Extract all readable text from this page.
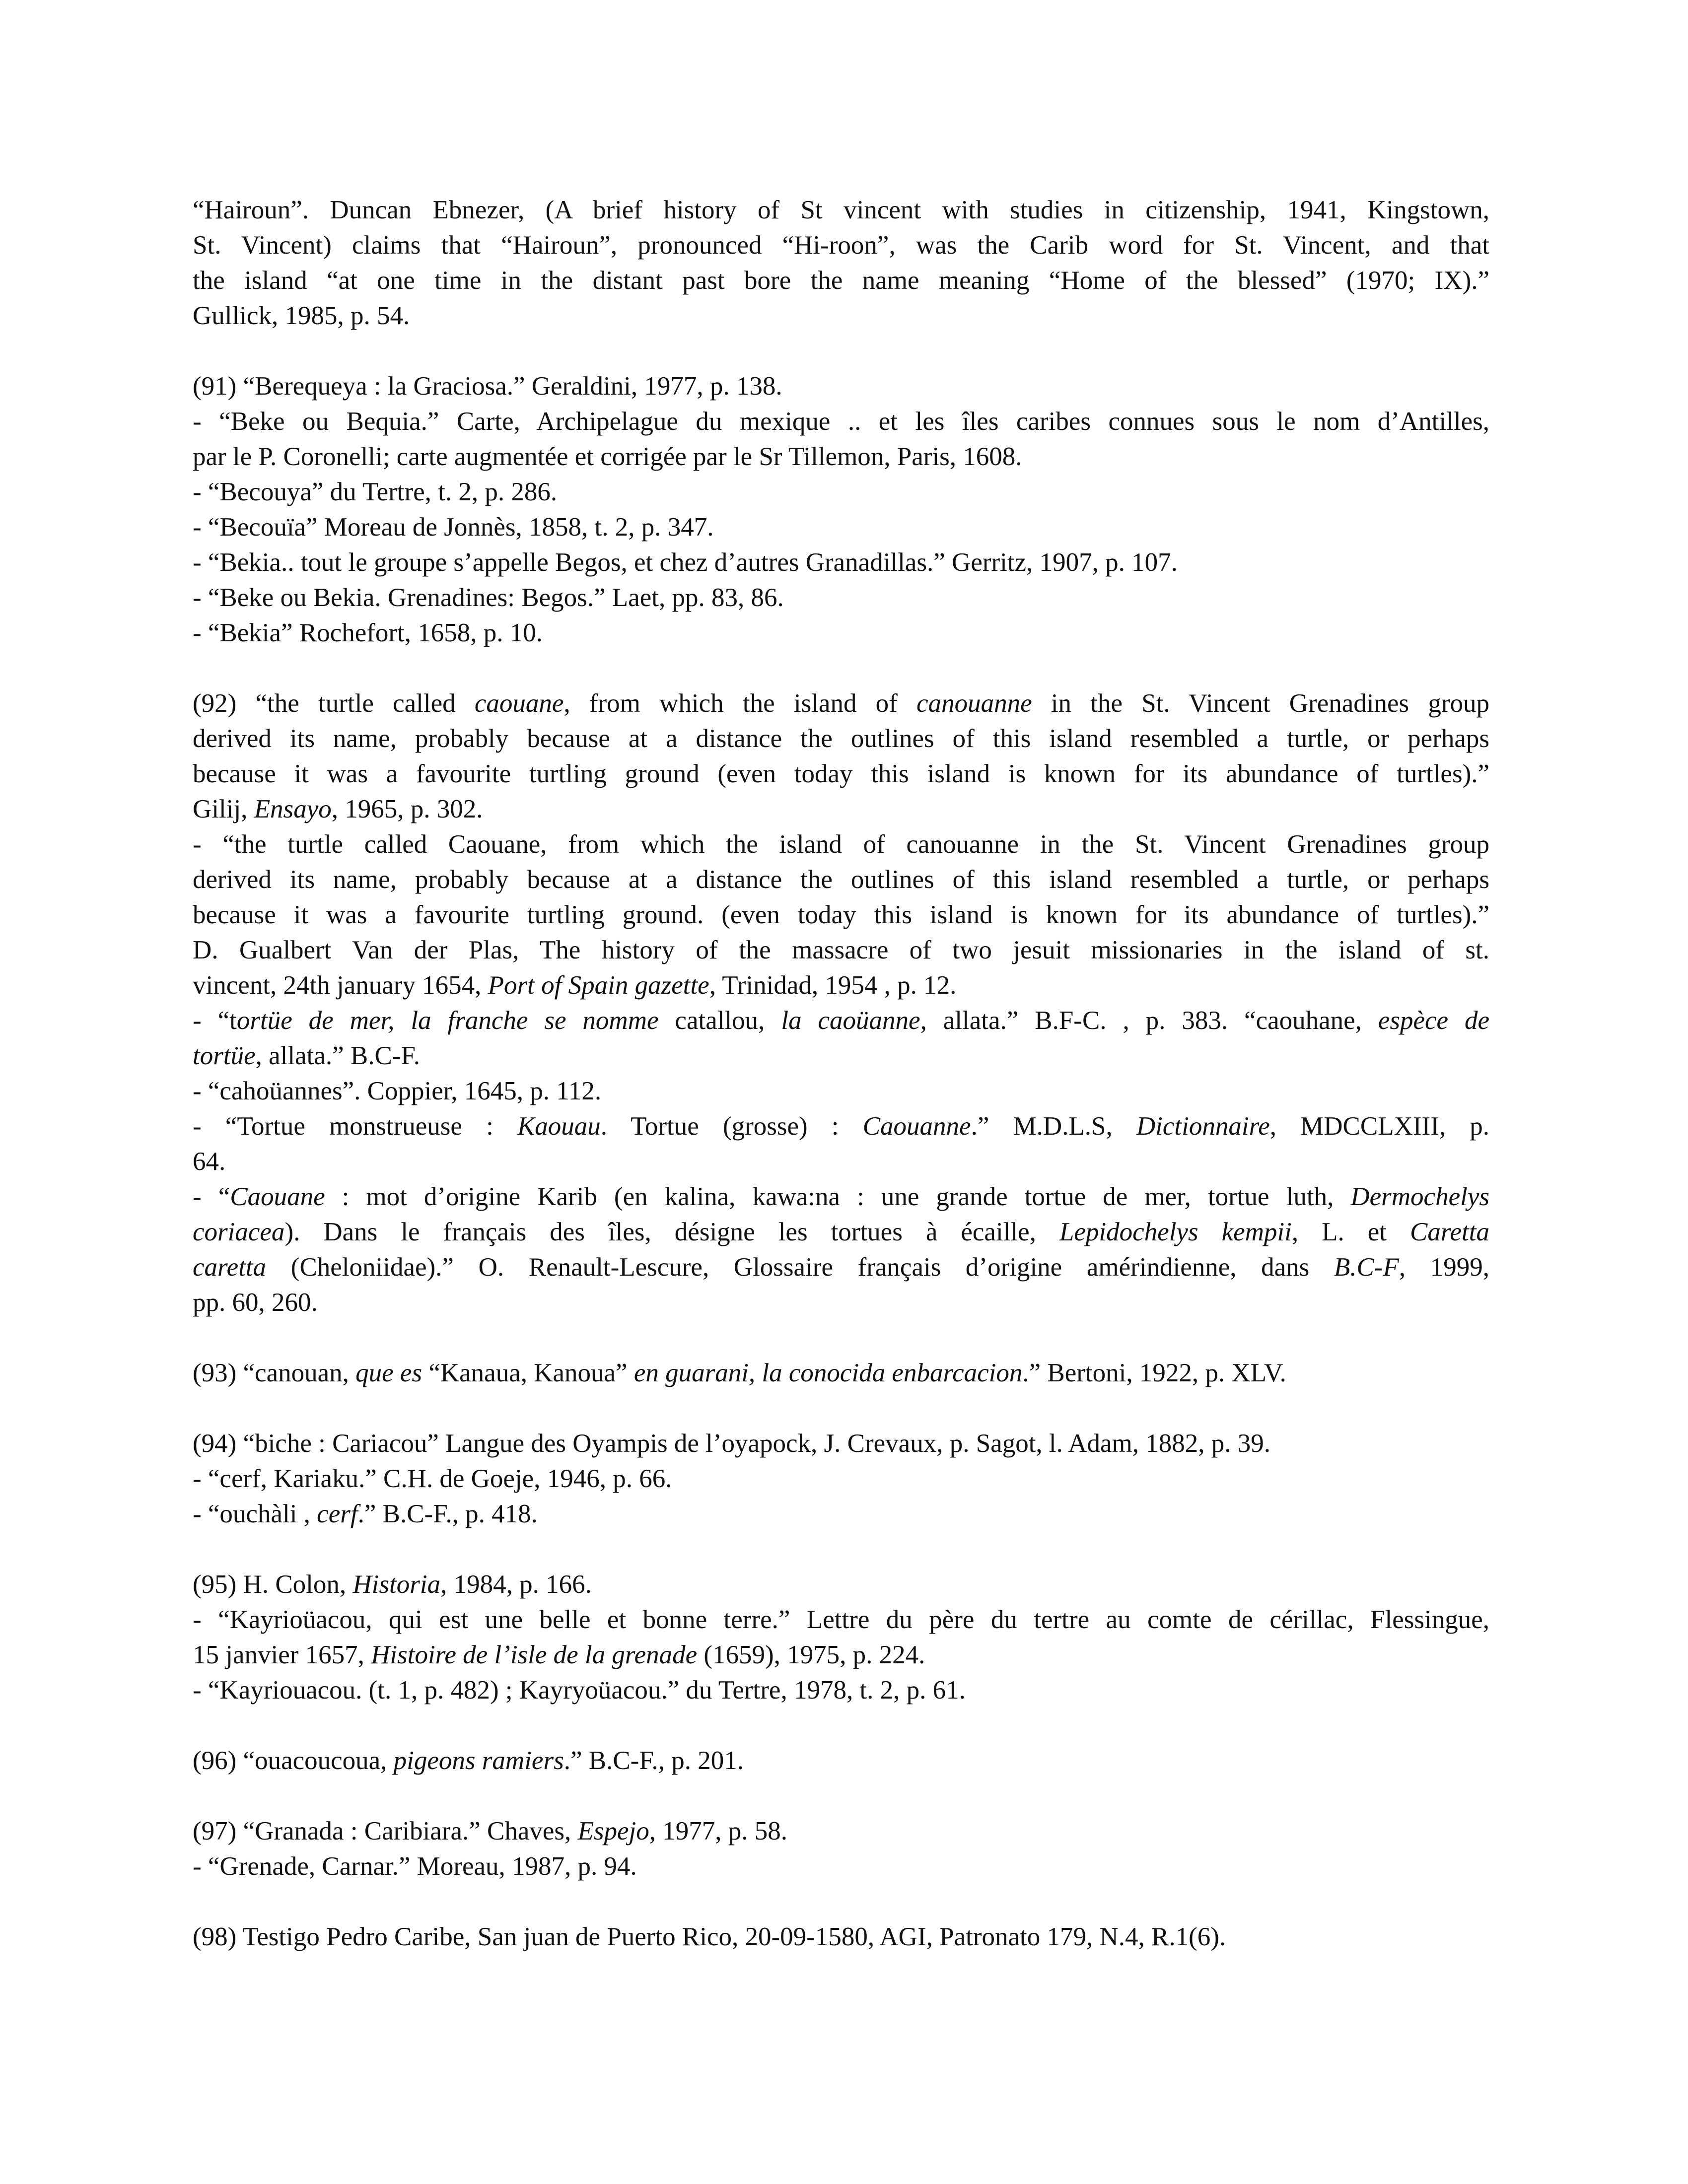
“Hairoun”. Duncan Ebnezer, (A brief history of St vincent with studies in citizenship, 1941, Kingstown,
St. Vincent) claims that “Hairoun”, pronounced “Hi-roon”, was the Carib word for St. Vincent, and that
the island “at one time in the distant past bore the name meaning “Home of the blessed” (1970; IX).”
Gullick, 1985, p. 54.
(91) “Berequeya : la Graciosa.” Geraldini, 1977, p. 138.
- “Beke ou Bequia.” Carte, Archipelague du mexique .. et les îles caribes connues sous le nom d’Antilles,
par le P. Coronelli; carte augmentée et corrigée par le Sr Tillemon, Paris, 1608.
- “Becouya” du Tertre, t. 2, p. 286.
- “Becouïa” Moreau de Jonnès, 1858, t. 2, p. 347.
- “Bekia.. tout le groupe s’appelle Begos, et chez d’autres Granadillas.” Gerritz, 1907, p. 107.
- “Beke ou Bekia. Grenadines: Begos.” Laet, pp. 83, 86.
- “Bekia” Rochefort, 1658, p. 10.
(92) “the turtle called caouane, from which the island of canouanne in the St. Vincent Grenadines group
derived its name, probably because at a distance the outlines of this island resembled a turtle, or perhaps
because it was a favourite turtling ground (even today this island is known for its abundance of turtles).”
Gilij, Ensayo, 1965, p. 302.
- “the turtle called Caouane, from which the island of canouanne in the St. Vincent Grenadines group
derived its name, probably because at a distance the outlines of this island resembled a turtle, or perhaps
because it was a favourite turtling ground. (even today this island is known for its abundance of turtles).”
D. Gualbert Van der Plas, The history of the massacre of two jesuit missionaries in the island of st.
vincent, 24th january 1654, Port of Spain gazette, Trinidad, 1954 , p. 12.
- “tortüe de mer, la franche se nomme catallou, la caoüanne, allata.” B.F-C. , p. 383. “caouhane, espèce de
tortüe, allata.” B.C-F.
- “cahoüannes”. Coppier, 1645, p. 112.
- “Tortue monstrueuse : Kaouau. Tortue (grosse) : Caouanne.” M.D.L.S, Dictionnaire, MDCCLXIII, p.
64.
- “Caouane : mot d’origine Karib (en kalina, kawa:na : une grande tortue de mer, tortue luth, Dermochelys
coriacea). Dans le français des îles, désigne les tortues à écaille, Lepidochelys kempii, L. et Caretta
caretta (Cheloniidae).” O. Renault-Lescure, Glossaire français d’origine amérindienne, dans B.C-F, 1999,
pp. 60, 260.
(93) “canouan, que es “Kanaua, Kanoua” en guarani, la conocida enbarcacion.” Bertoni, 1922, p. XLV.
(94) “biche : Cariacou” Langue des Oyampis de l’oyapock, J. Crevaux, p. Sagot, l. Adam, 1882, p. 39.
- “cerf, Kariaku.” C.H. de Goeje, 1946, p. 66.
- “ouchàli , cerf.” B.C-F., p. 418.
(95) H. Colon, Historia, 1984, p. 166.
- “Kayrioüacou, qui est une belle et bonne terre.” Lettre du père du tertre au comte de cérillac, Flessingue,
15 janvier 1657, Histoire de l’isle de la grenade (1659), 1975, p. 224.
- “Kayriouacou. (t. 1, p. 482) ; Kayryoüacou.” du Tertre, 1978, t. 2, p. 61.
(96) “ouacoucoua, pigeons ramiers.” B.C-F., p. 201.
(97) “Granada : Caribiara.” Chaves, Espejo, 1977, p. 58.
- “Grenade, Carnar.” Moreau, 1987, p. 94.
(98) Testigo Pedro Caribe, San juan de Puerto Rico, 20-09-1580, AGI, Patronato 179, N.4, R.1(6).
